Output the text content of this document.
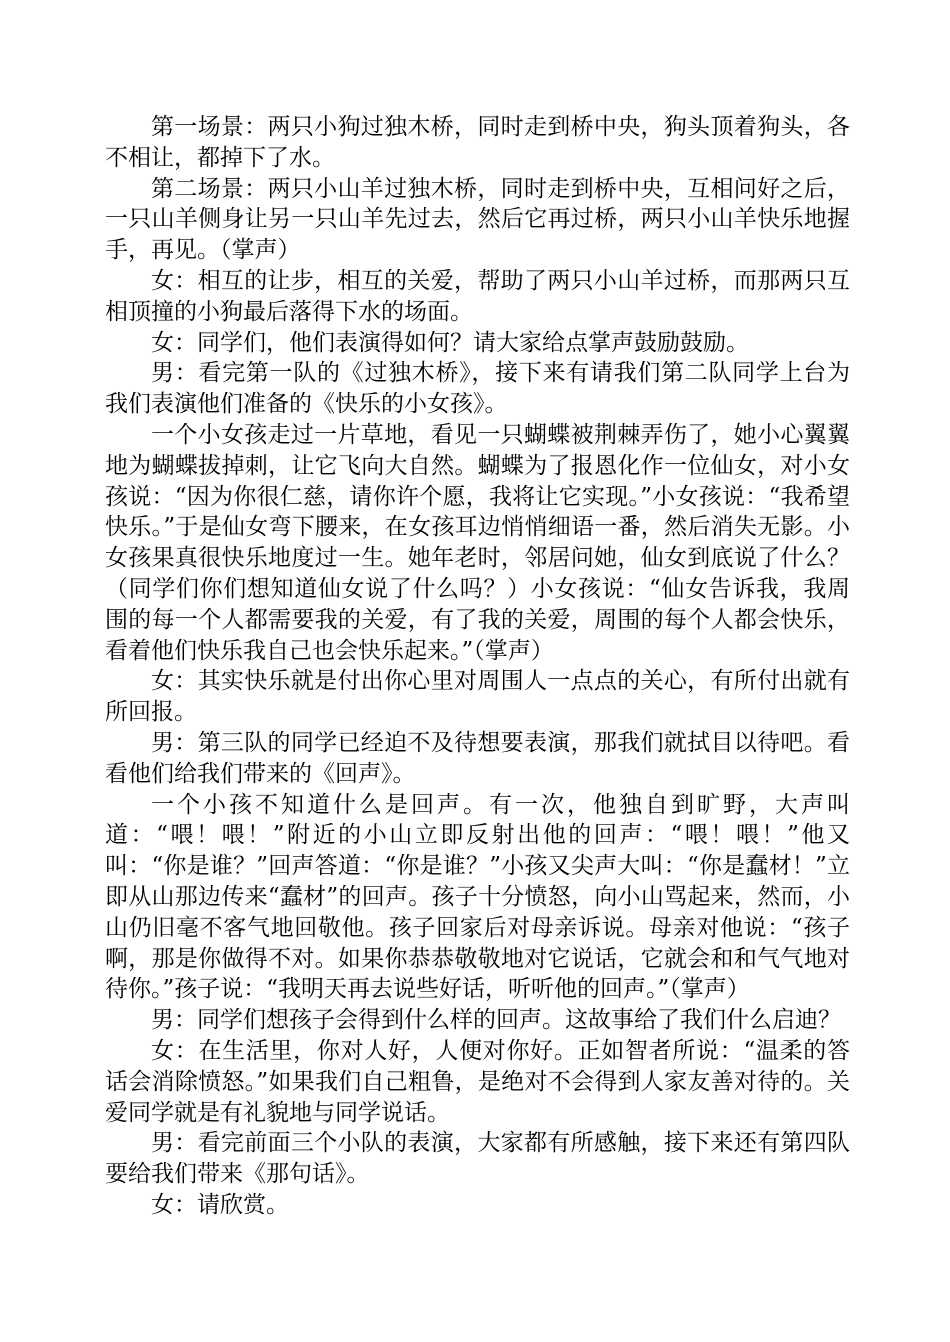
第一场景：两只小狗过独木桥，同时走到桥中央，狗头顶着狗头，各不相让，都掉下了水。

第二场景：两只小山羊过独木桥，同时走到桥中央，互相问好之后，一只山羊侧身让另一只山羊先过去，然后它再过桥，两只小山羊快乐地握手，再见。（掌声）

女：相互的让步，相互的关爱，帮助了两只小山羊过桥，而那两只互相顶撞的小狗最后落得下水的场面。

女：同学们，他们表演得如何？请大家给点掌声鼓励鼓励。

男：看完第一队的《过独木桥》，接下来有请我们第二队同学上台为我们表演他们准备的《快乐的小女孩》。

一个小女孩走过一片草地，看见一只蝴蝶被荆棘弄伤了，她小心翼翼地为蝴蝶拔掉刺，让它飞向大自然。蝴蝶为了报恩化作一位仙女，对小女孩说：“因为你很仁慈，请你许个愿，我将让它实现。”小女孩说：“我希望快乐。”于是仙女弯下腰来，在女孩耳边悄悄细语一番，然后消失无影。小女孩果真很快乐地度过一生。她年老时，邻居问她，仙女到底说了什么？（同学们你们想知道仙女说了什么吗？）小女孩说：“仙女告诉我，我周围的每一个人都需要我的关爱，有了我的关爱，周围的每个人都会快乐，看着他们快乐我自己也会快乐起来。”（掌声）

女：其实快乐就是付出你心里对周围人一点点的关心，有所付出就有所回报。

男：第三队的同学已经迫不及待想要表演，那我们就拭目以待吧。看看他们给我们带来的《回声》。

一个小孩不知道什么是回声。有一次，他独自到旷野，大声叫道：“喂！喂！”附近的小山立即反射出他的回声：“喂！喂！”他又叫：“你是谁？”回声答道：“你是谁？”小孩又尖声大叫：“你是蠢材！”立即从山那边传来“蠢材”的回声。孩子十分愤怒，向小山骂起来，然而，小山仍旧毫不客气地回敬他。孩子回家后对母亲诉说。母亲对他说：“孩子啊，那是你做得不对。如果你恭恭敬敬地对它说话，它就会和和气气地对待你。”孩子说：“我明天再去说些好话，听听他的回声。”（掌声）

男：同学们想孩子会得到什么样的回声。这故事给了我们什么启迪？

女：在生活里，你对人好，人便对你好。正如智者所说：“温柔的答话会消除愤怒。”如果我们自己粗鲁，是绝对不会得到人家友善对待的。关爱同学就是有礼貌地与同学说话。

男：看完前面三个小队的表演，大家都有所感触，接下来还有第四队要给我们带来《那句话》。

女：请欣赏。
